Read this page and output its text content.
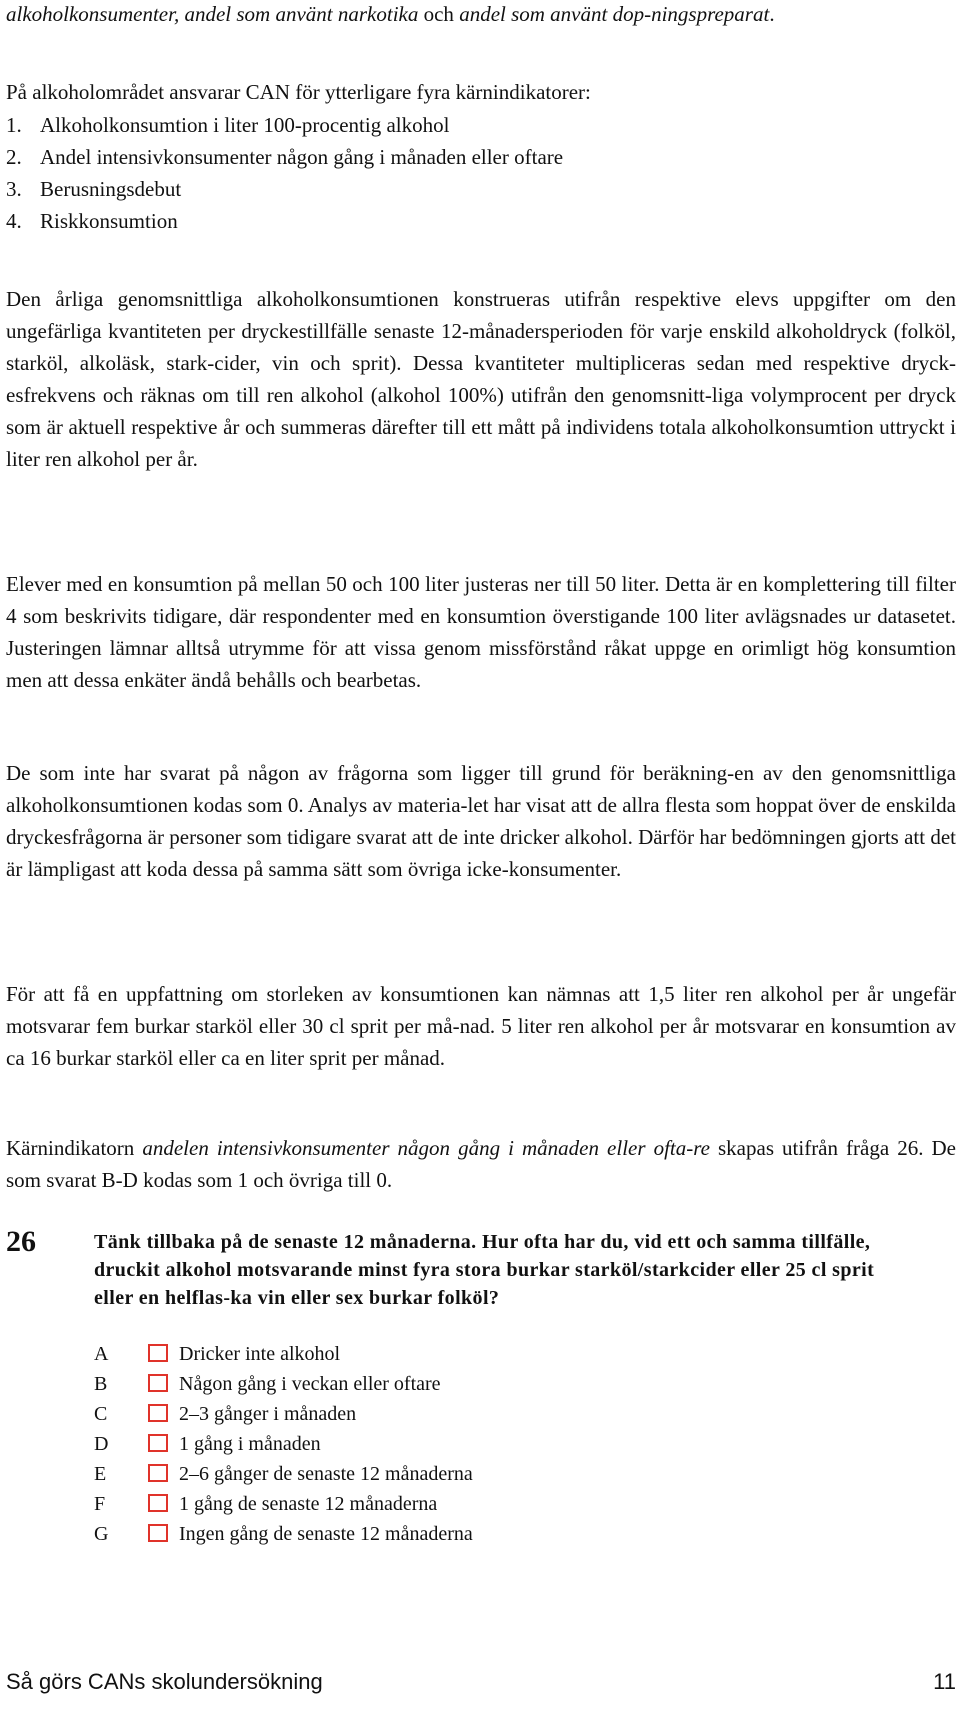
alkoholkonsumenter, andel som använt narkotika och andel som använt dop-ningspreparat.

På alkoholområdet ansvarar CAN för ytterligare fyra kärnindikatorer:

1. Alkoholkonsumtion i liter 100-procentig alkohol
2. Andel intensivkonsumenter någon gång i månaden eller oftare
3. Berusningsdebut
4. Riskkonsumtion

Den årliga genomsnittliga alkoholkonsumtionen konstrueras utifrån respektive elevs uppgifter om den ungefärliga kvantiteten per dryckestillfälle senaste 12-månadersperioden för varje enskild alkoholdryck (folköl, starköl, alkoläsk, stark-cider, vin och sprit). Dessa kvantiteter multipliceras sedan med respektive dryck-esfrekvens och räknas om till ren alkohol (alkohol 100%) utifrån den genomsnitt-liga volymprocent per dryck som är aktuell respektive år och summeras därefter till ett mått på individens totala alkoholkonsumtion uttryckt i liter ren alkohol per år.

Elever med en konsumtion på mellan 50 och 100 liter justeras ner till 50 liter. Detta är en komplettering till filter 4 som beskrivits tidigare, där respondenter med en konsumtion överstigande 100 liter avlägsnades ur datasetet. Justeringen lämnar alltså utrymme för att vissa genom missförstånd råkat uppge en orimligt hög konsumtion men att dessa enkäter ändå behålls och bearbetas.

De som inte har svarat på någon av frågorna som ligger till grund för beräkning-en av den genomsnittliga alkoholkonsumtionen kodas som 0. Analys av materia-let har visat att de allra flesta som hoppat över de enskilda dryckesfrågorna är personer som tidigare svarat att de inte dricker alkohol. Därför har bedömningen gjorts att det är lämpligast att koda dessa på samma sätt som övriga icke-konsumenter.

För att få en uppfattning om storleken av konsumtionen kan nämnas att 1,5 liter ren alkohol per år ungefär motsvarar fem burkar starköl eller 30 cl sprit per må-nad. 5 liter ren alkohol per år motsvarar en konsumtion av ca 16 burkar starköl eller ca en liter sprit per månad.

Kärnindikatorn andelen intensivkonsumenter någon gång i månaden eller ofta-re skapas utifrån fråga 26. De som svarat B-D kodas som 1 och övriga till 0.

26	Tänk tillbaka på de senaste 12 månaderna. Hur ofta har du, vid ett och samma tillfälle, druckit alkohol motsvarande minst fyra stora burkar starköl/starkcider eller 25 cl sprit eller en helflas-ka vin eller sex burkar folköl?
A	Dricker inte alkohol
B	Någon gång i veckan eller oftare
C	2–3 gånger i månaden
D	1 gång i månaden
E	2–6 gånger de senaste 12 månaderna
F	1 gång de senaste 12 månaderna
G	Ingen gång de senaste 12 månaderna
Så görs CANs skolundersökning	11
